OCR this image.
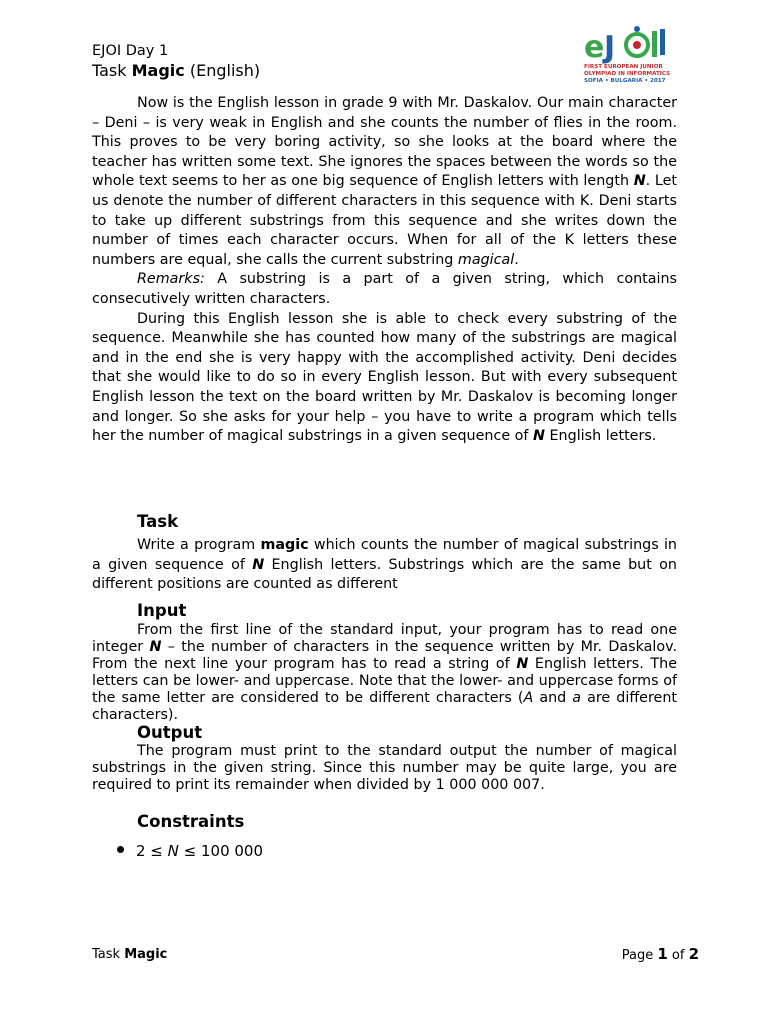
EJOI Day 1
Task Magic (English)
e J
FIRST EUROPEAN JUNIOR
OLYMPIAD IN INFORMATICS
SOFIA • BULGARIA • 2017

Now is the English lesson in grade 9 with Mr. Daskalov. Our main character – Deni – is very weak in English and she counts the number of flies in the room. This proves to be very boring activity, so she looks at the board where the teacher has written some text. She ignores the spaces between the words so the whole text seems to her as one big sequence of English letters with length N. Let us denote the number of different characters in this sequence with K. Deni starts to take up different substrings from this sequence and she writes down the number of times each character occurs. When for all of the K letters these numbers are equal, she calls the current substring magical.

Remarks: A substring is a part of a given string, which contains consecutively written characters.

During this English lesson she is able to check every substring of the sequence. Meanwhile she has counted how many of the substrings are magical and in the end she is very happy with the accomplished activity. Deni decides that she would like to do so in every English lesson. But with every subsequent English lesson the text on the board written by Mr. Daskalov is becoming longer and longer. So she asks for your help – you have to write a program which tells her the number of magical substrings in a given sequence of N English letters.

Task

Write a program magic which counts the number of magical substrings in a given sequence of N English letters. Substrings which are the same but on different positions are counted as different

Input

From the first line of the standard input, your program has to read one integer N – the number of characters in the sequence written by Mr. Daskalov. From the next line your program has to read a string of N English letters. The letters can be lower- and uppercase. Note that the lower- and uppercase forms of the same letter are considered to be different characters (A and a are different characters).

Output

The program must print to the standard output the number of magical substrings in the given string. Since this number may be quite large, you are required to print its remainder when divided by 1 000 000 007.

Constraints
2 ≤ N ≤ 100 000
Task Magic	Page 1 of 2
